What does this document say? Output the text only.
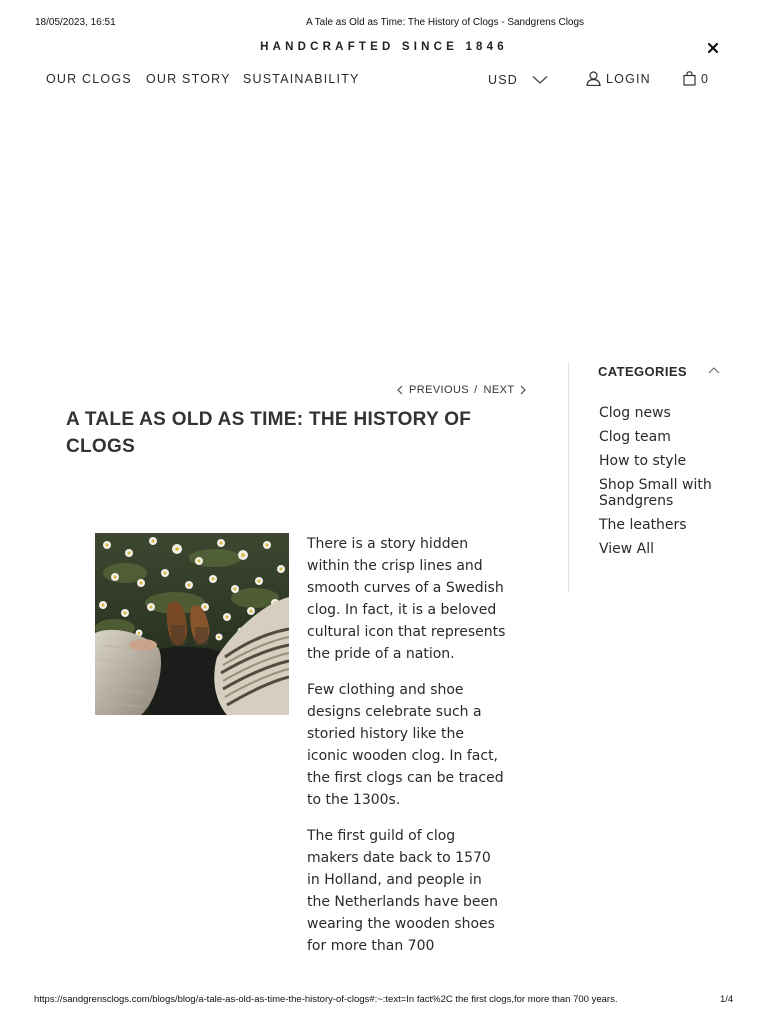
18/05/2023, 16:51	A Tale as Old as Time: The History of Clogs - Sandgrens Clogs
HANDCRAFTED SINCE 1846
OUR CLOGS OUR STORY SUSTAINABILITY	USD	LOGIN	0
CATEGORIES
Clog news
Clog team
How to style
Shop Small with Sandgrens
The leathers
View All
PREVIOUS / NEXT
A TALE AS OLD AS TIME: THE HISTORY OF CLOGS

There is a story hidden within the crisp lines and smooth curves of a Swedish clog. In fact, it is a beloved cultural icon that represents the pride of a nation.

Few clothing and shoe designs celebrate such a storied history like the iconic wooden clog. In fact, the first clogs can be traced to the 1300s.

The first guild of clog makers date back to 1570 in Holland, and people in the Netherlands have been wearing the wooden shoes for more than 700

https://sandgrensclogs.com/blogs/blog/a-tale-as-old-as-time-the-history-of-clogs#:~:text=In fact%2C the first clogs,for more than 700 years.	1/4
